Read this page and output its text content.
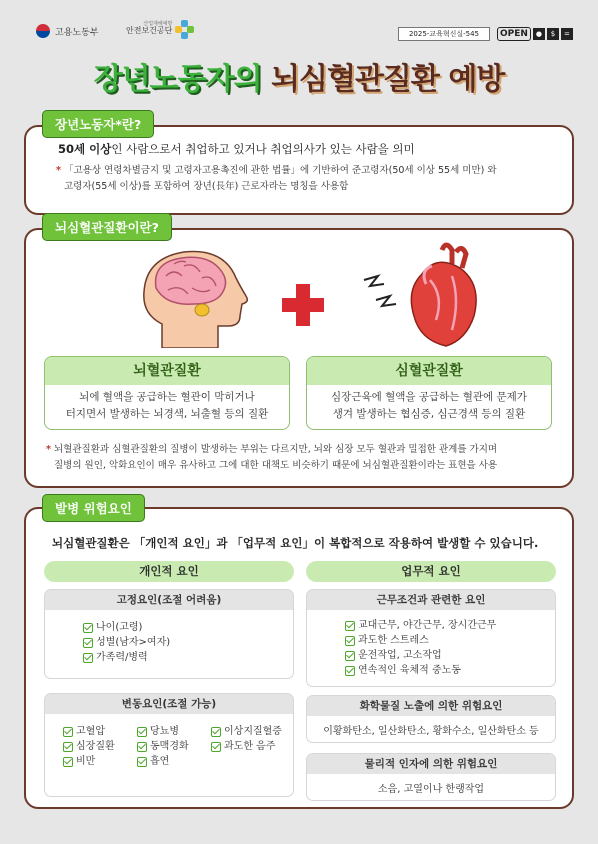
고용노동부
산업재해예방
안전보건공단	2025-교육혁신실-545	OPEN	●	$	=
장년노동자의 뇌심혈관질환 예방
50세 이상인 사람으로서 취업하고 있거나 취업의사가 있는 사람을 의미
* 「고용상 연령차별금지 및 고령자고용촉진에 관한 법률」에 기반하여 준고령자(50세 이상 55세 미만) 와
고령자(55세 이상)를 포함하여 장년(長年) 근로자라는 명칭을 사용함
장년노동자*란?
뇌혈관질환
뇌에 혈액을 공급하는 혈관이 막히거나
터지면서 발생하는 뇌경색, 뇌출혈 등의 질환
심혈관질환
심장근육에 혈액을 공급하는 혈관에 문제가
생겨 발생하는 협심증, 심근경색 등의 질환
* 뇌혈관질환과 심혈관질환의 질병이 발생하는 부위는 다르지만, 뇌와 심장 모두 혈관과 밀접한 관계를 가지며
질병의 원인, 악화요인이 매우 유사하고 그에 대한 대책도 비슷하기 때문에 뇌심혈관질환이라는 표현을 사용
뇌심혈관질환이란?
뇌심혈관질환은 「개인적 요인」과 「업무적 요인」이 복합적으로 작용하여 발생할 수 있습니다.
개인적 요인
고정요인(조절 어려움)
나이(고령)
성별(남자>여자)
가족력/병력
변동요인(조절 가능)
고혈압
심장질환
비만
당뇨병
동맥경화
흡연
이상지질혈증
과도한 음주
업무적 요인
근무조건과 관련한 요인
교대근무, 야간근무, 장시간근무
과도한 스트레스
운전작업, 고소작업
연속적인 육체적 중노동
화학물질 노출에 의한 위험요인
이황화탄소, 일산화탄소, 황화수소, 일산화탄소 등
물리적 인자에 의한 위험요인
소음, 고열이나 한랭작업
발병 위험요인
